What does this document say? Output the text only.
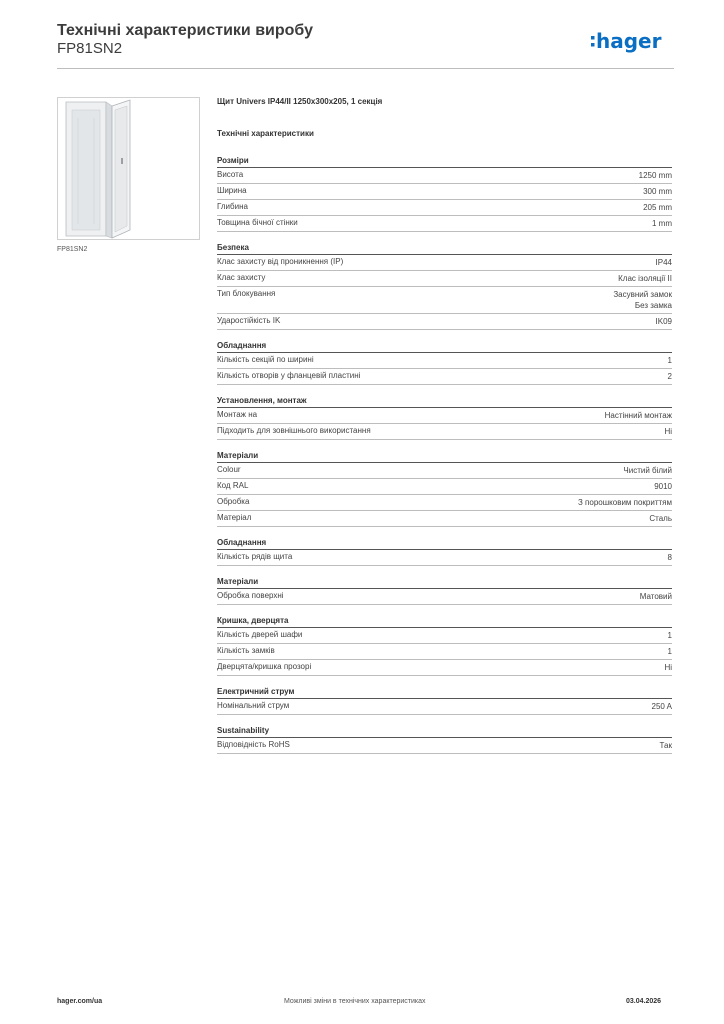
Технічні характеристики виробу
FP81SN2	hager
FP81SN2
Щит Univers IP44/II 1250x300x205, 1 секція
Технічні характеристики
Розміри
Висота	1250 mm
Ширина	300 mm
Глибина	205 mm
Товщина бічної стінки	1 mm
Безпека
Клас захисту від проникнення (IP)	IP44
Клас захисту	Клас ізоляції II
Тип блокування	Засувний замок
Без замка
Ударостійкість IK	IK09
Обладнання
Кількість секцій по ширині	1
Кількість отворів у фланцевій пластині	2
Установлення, монтаж
Монтаж на	Настінний монтаж
Підходить для зовнішнього використання	Ні
Матеріали
Colour	Чистий білий
Код RAL	9010
Обробка	З порошковим покриттям
Матеріал	Сталь
Обладнання
Кількість рядів щита	8
Матеріали
Обробка поверхні	Матовий
Кришка, дверцята
Кількість дверей шафи	1
Кількість замків	1
Дверцята/кришка прозорі	Ні
Електричний струм
Номінальний струм	250 A
Sustainability
Відповідність RoHS	Так
hager.com/ua	Можливі зміни в технічних характеристиках	03.04.2026
